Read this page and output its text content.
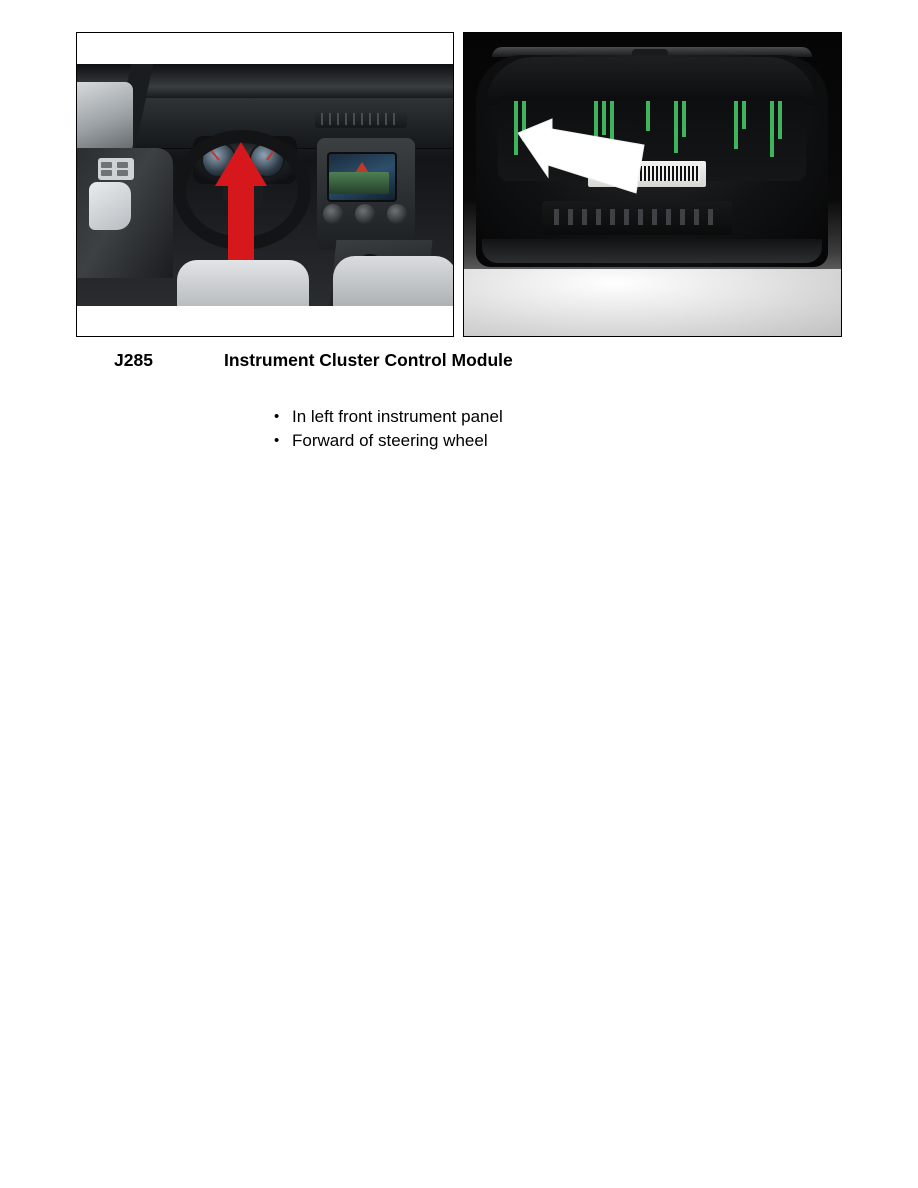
J285	Instrument Cluster Control Module
• In left front instrument panel
• Forward of steering wheel
